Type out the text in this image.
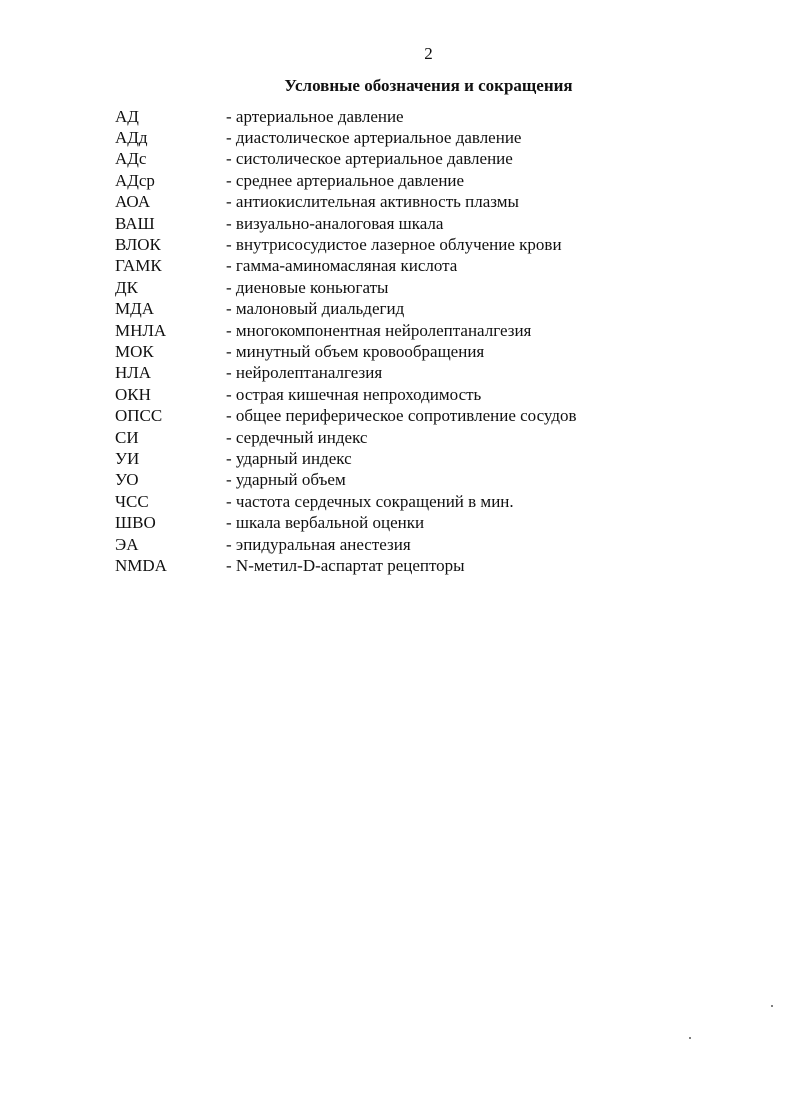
2
Условные обозначения и сокращения
АД	- артериальное давление
АДд	- диастолическое артериальное давление
АДс	- систолическое артериальное давление
АДср	- среднее артериальное давление
АОА	- антиокислительная активность плазмы
ВАШ	- визуально-аналоговая шкала
ВЛОК	- внутрисосудистое лазерное облучение крови
ГАМК	- гамма-аминомасляная кислота
ДК	- диеновые коньюгаты
МДА	- малоновый диальдегид
МНЛА	- многокомпонентная нейролептаналгезия
МОК	- минутный объем кровообращения
НЛА	- нейролептаналгезия
ОКН	- острая кишечная непроходимость
ОПСС	- общее периферическое сопротивление сосудов
СИ	- сердечный индекс
УИ	- ударный индекс
УО	- ударный объем
ЧСС	- частота сердечных сокращений в мин.
ШВО	- шкала вербальной оценки
ЭА	- эпидуральная анестезия
NMDA	- N-метил-D-аспартат рецепторы
